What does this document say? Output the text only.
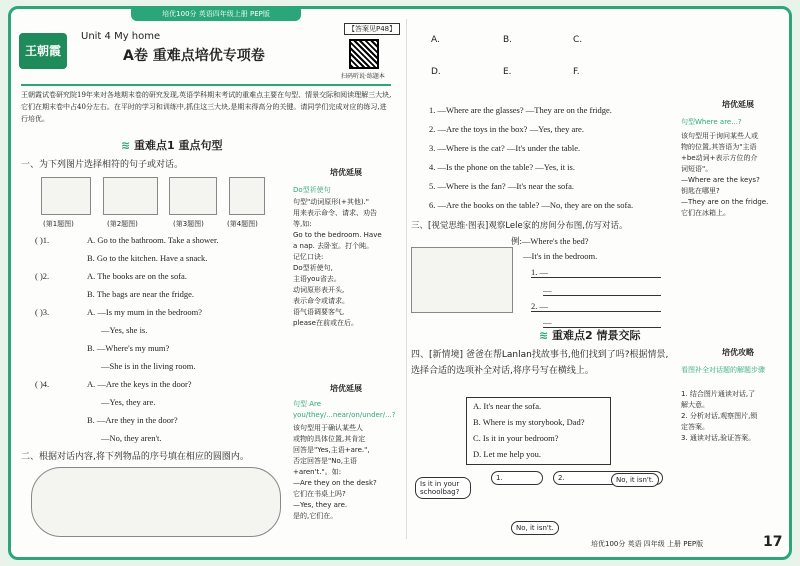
培优100分 英语四年级上册 PEP版
王朝霞
Unit 4 My home
A卷 重难点培优专项卷
【答案见P48】
扫码听说·练题本
王朝霞试卷研究院19年来对各地期末卷的研究发现,英语学科期末考试的重难点主要在句型、情景交际和阅读理解三大块,它们在期末卷中占40分左右。在平时的学习和训练中,抓住这三大块,是期末得高分的关键。请同学们完成对应的练习,进行培优。
≋ 重难点1 重点句型
一、为下列图片选择相符的句子或对话。
(第1题图)	(第2题图)	(第3题图)	(第4题图)
( )1.	A. Go to the bathroom. Take a shower.
B. Go to the kitchen. Have a snack.
( )2.	A. The books are on the sofa.
B. The bags are near the fridge.
( )3.	A. —Is my mum in the bedroom?
—Yes, she is.
B. —Where's my mum?
—She is in the living room.
( )4.	A. —Are the keys in the door?
—Yes, they are.
B. —Are they in the door?
—No, they aren't.
二、根据对话内容,将下列物品的序号填在相应的圆圈内。
培优延展
Do型祈使句
句型"动词原形(+其他)."
用来表示命令、请求、劝告
等,如:
Go to the bedroom. Have
a nap. 去卧室。打个盹。
记忆口诀:
Do型祈使句,
主语you省去。
动词原形表开头,
表示命令或请求。
语气语调要客气,
please在前或在后。
培优延展
句型 Are you/they/...near/on/under/...?
该句型用于确认某些人
或物的具体位置,其肯定
回答是"Yes,主语+are.",
否定回答是"No,主语
+aren't."。如:
—Are they on the desk?
它们在书桌上吗?
—Yes, they are.
是的,它们在。
A.	B.	C.
D.	E.	F.
1. —Where are the glasses? —They are on the fridge.
2. —Are the toys in the box? —Yes, they are.
3. —Where is the cat? —It's under the table.
4. —Is the phone on the table? —Yes, it is.
5. —Where is the fan? —It's near the sofa.
6. —Are the books on the table? —No, they are on the sofa.
三、[视觉思维·图表]观察Lele家的房间分布图,仿写对话。
例:—Where's the bed?
—It's in the bedroom.
1. —
—
2. —
—
≋ 重难点2 情景交际
四、[新情境] 爸爸在帮Lanlan找故事书,他们找到了吗?根据情景,选择合适的选项补全对话,将序号写在横线上。
A. It's near the sofa.
B. Where is my storybook, Dad?
C. Is it in your bedroom?
D. Let me help you.
Is it in your schoolbag?
1.	2.	No, it isn't.
No, it isn't.
培优延展
句型Where are...?
该句型用于询问某些人或
物的位置,其答语为"主语
+be动词+表示方位的介
词短语"。
—Where are the keys?
钥匙在哪里?
—They are on the fridge.
它们在冰箱上。
培优攻略
看图补全对话题的解题步骤
1. 结合图片通读对话,了
解大意。
2. 分析对话,观察图片,锁
定答案。
3. 通读对话,验证答案。
培优100分 英语 四年级 上册 PEP版	17
